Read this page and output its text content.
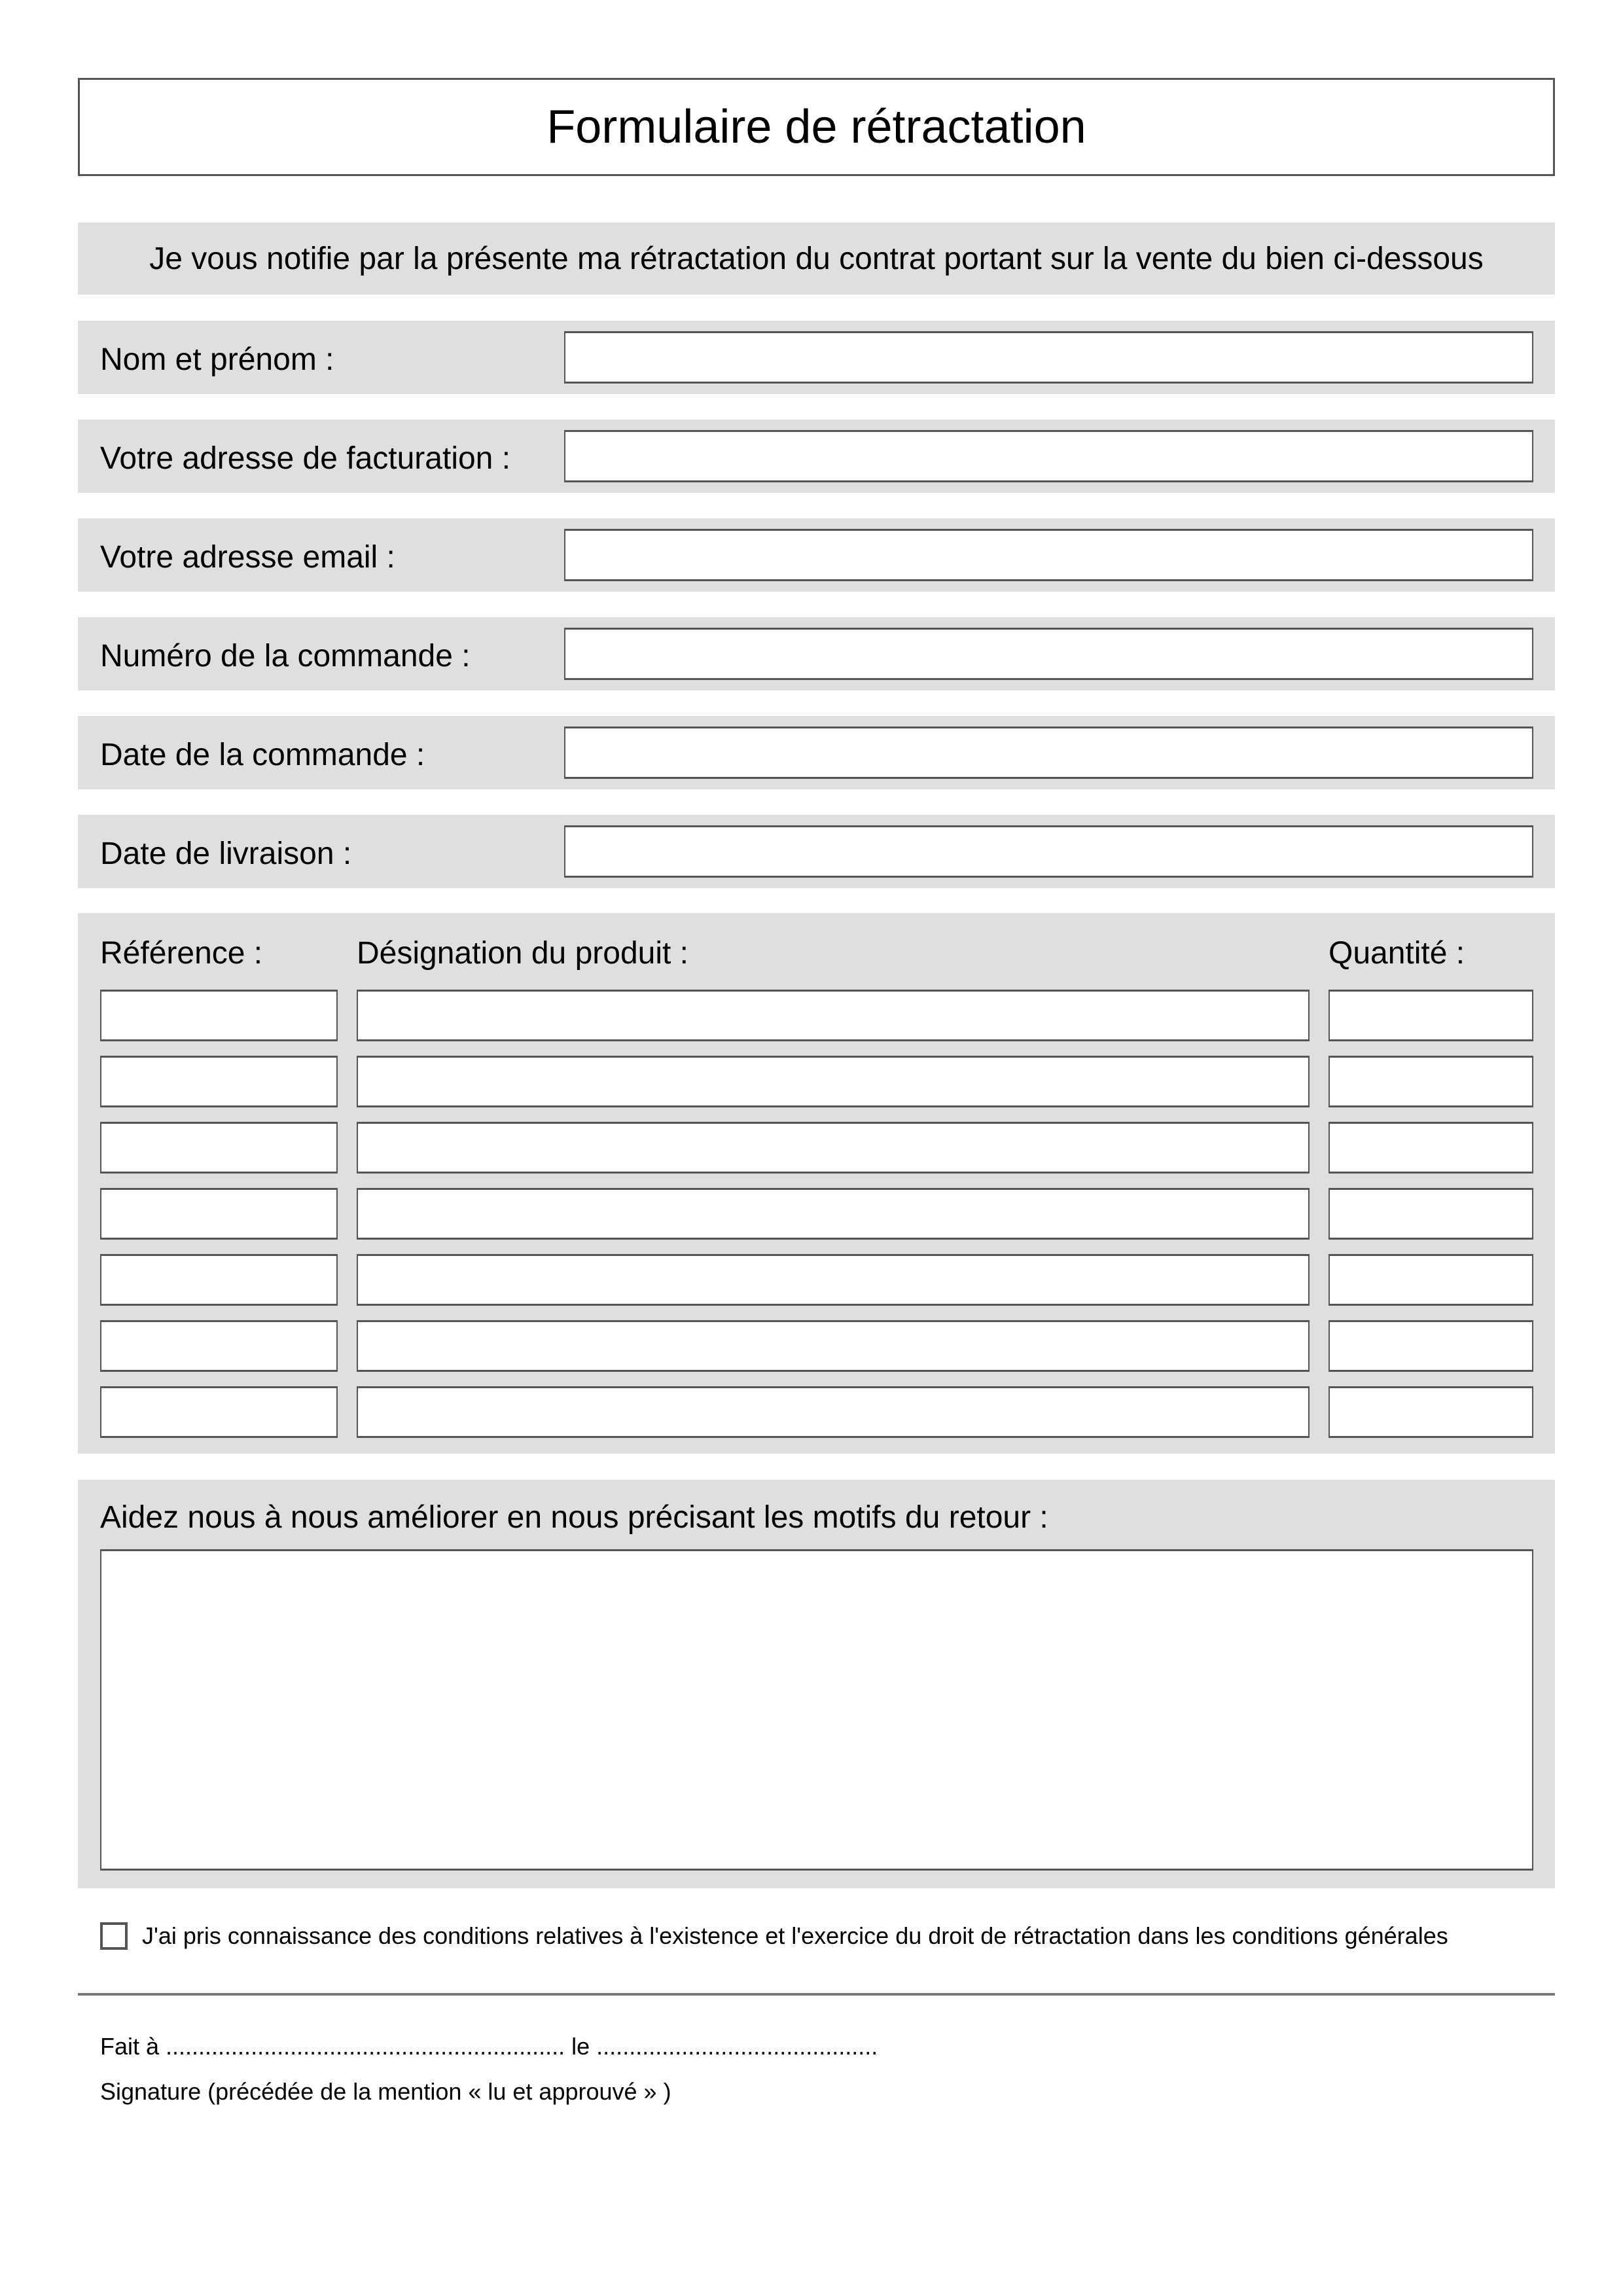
Formulaire de rétractation
Je vous notifie par la présente ma rétractation du contrat portant sur la vente du bien ci-dessous
Nom et prénom :
Votre adresse de facturation :
Votre adresse email :
Numéro de la commande :
Date de la commande :
Date de livraison :
Référence :	Désignation du produit :	Quantité :
Aidez nous à nous améliorer en nous précisant les motifs du retour :
J'ai pris connaissance des conditions relatives à l'existence et l'exercice du droit de rétractation dans les conditions générales
Fait à ............................................................. le ...........................................
Signature (précédée de la mention « lu et approuvé » )
